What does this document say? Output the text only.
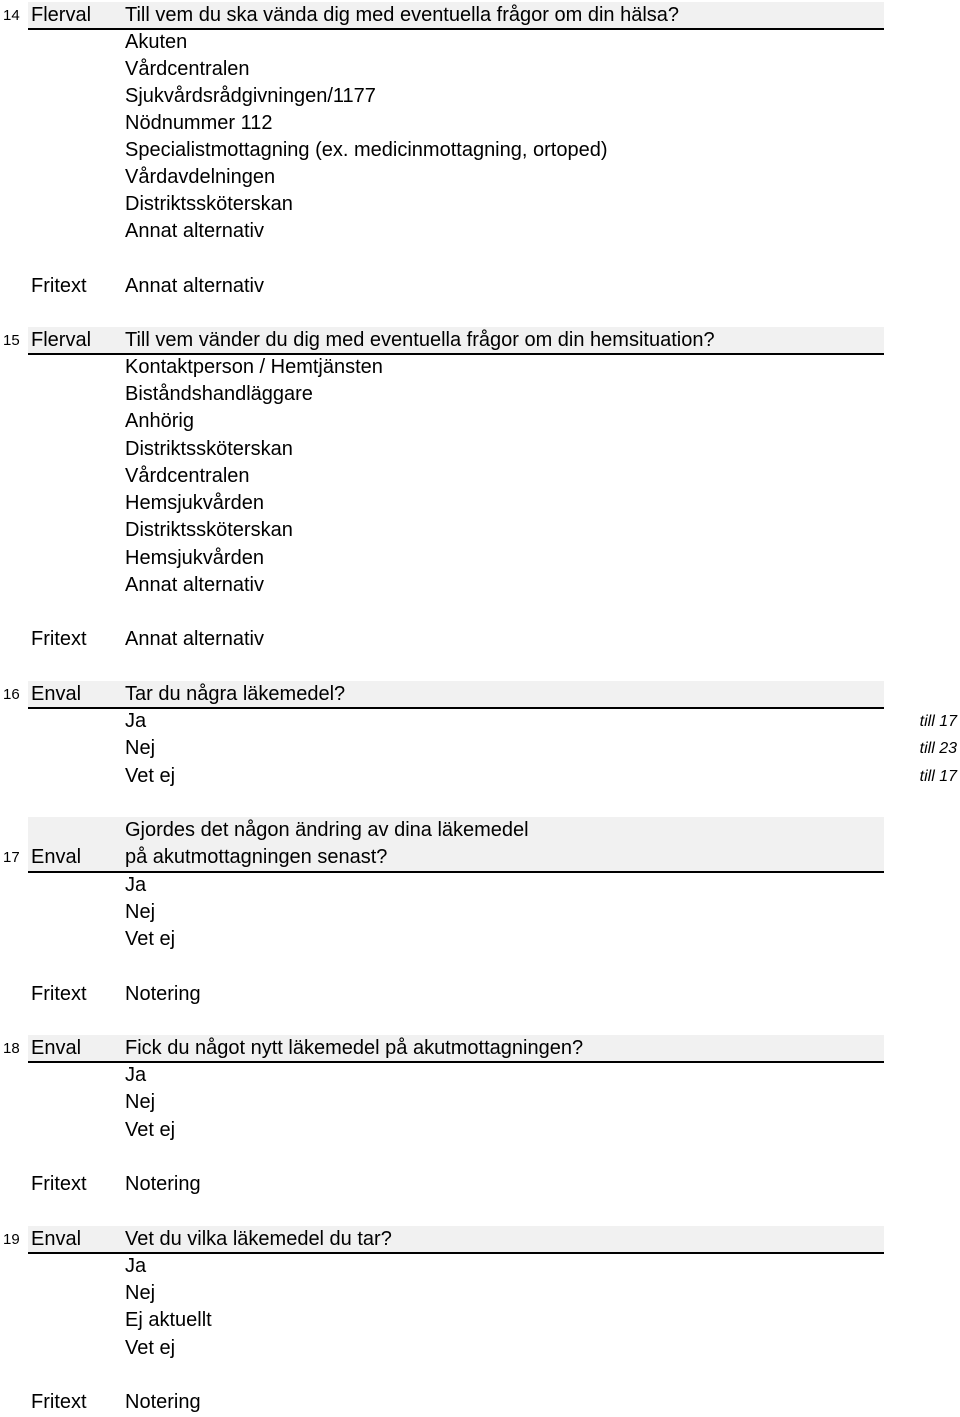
14 Flerval Till vem du ska vända dig med eventuella frågor om din hälsa?
Akuten
Vårdcentralen
Sjukvårdsrådgivningen/1177
Nödnummer 112
Specialistmottagning (ex. medicinmottagning, ortoped)
Vårdavdelningen
Distriktssköterskan
Annat alternativ
Fritext Annat alternativ
15 Flerval Till vem vänder du dig med eventuella frågor om din hemsituation?
Kontaktperson / Hemtjänsten
Biståndshandläggare
Anhörig
Distriktssköterskan
Vårdcentralen
Hemsjukvården
Distriktssköterskan
Hemsjukvården
Annat alternativ
Fritext Annat alternativ
16 Enval Tar du några läkemedel?
Ja	till 17
Nej	till 23
Vet ej	till 17
Gjordes det någon ändring av dina läkemedel
17 Enval på akutmottagningen senast?
Ja
Nej
Vet ej
Fritext Notering
18 Enval Fick du något nytt läkemedel på akutmottagningen?
Ja
Nej
Vet ej
Fritext Notering
19 Enval Vet du vilka läkemedel du tar?
Ja
Nej
Ej aktuellt
Vet ej
Fritext Notering
